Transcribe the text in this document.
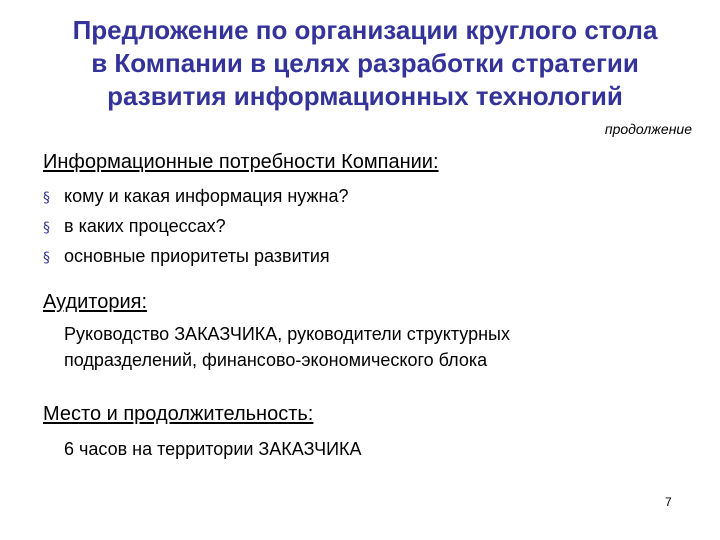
Предложение по организации круглого стола
в Компании в целях разработки стратегии
развития информационных технологий
продолжение
Информационные потребности Компании:
§ кому и какая информация нужна?
§ в каких процессах?
§ основные приоритеты развития
Аудитория:
Руководство ЗАКАЗЧИКА, руководители структурных
подразделений, финансово-экономического блока
Место и продолжительность:
6 часов на территории ЗАКАЗЧИКА
7
